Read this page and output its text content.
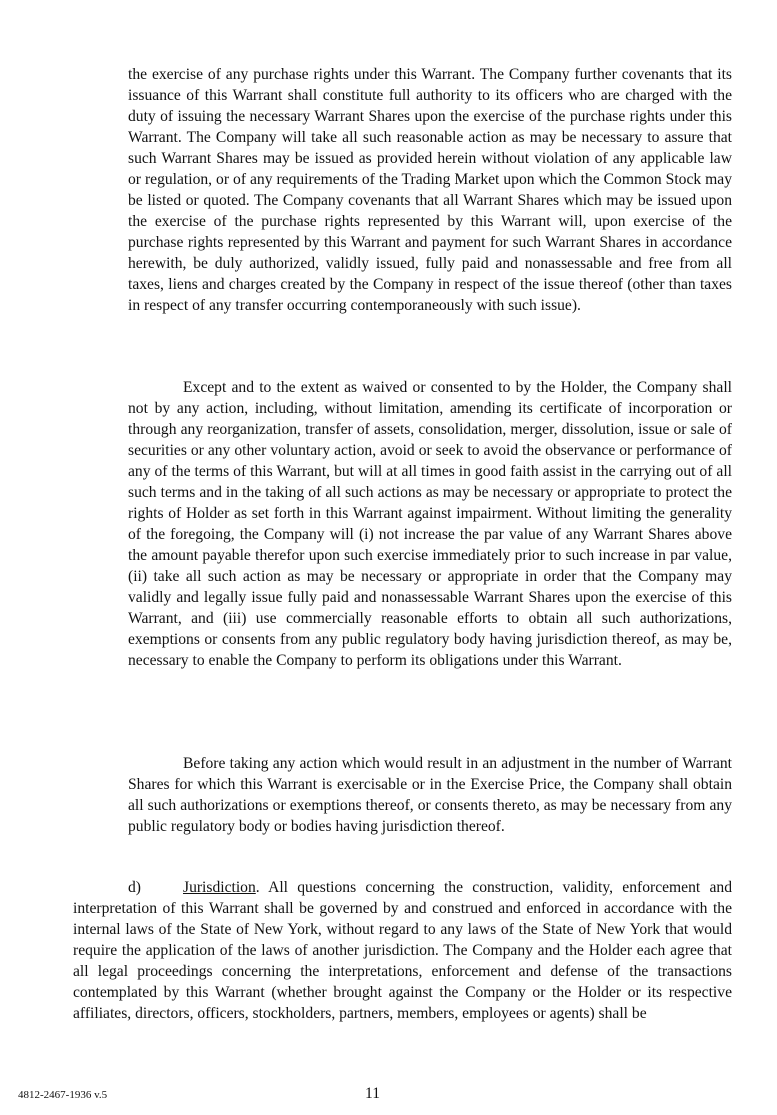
the exercise of any purchase rights under this Warrant. The Company further covenants that its issuance of this Warrant shall constitute full authority to its officers who are charged with the duty of issuing the necessary Warrant Shares upon the exercise of the purchase rights under this Warrant. The Company will take all such reasonable action as may be necessary to assure that such Warrant Shares may be issued as provided herein without violation of any applicable law or regulation, or of any requirements of the Trading Market upon which the Common Stock may be listed or quoted. The Company covenants that all Warrant Shares which may be issued upon the exercise of the purchase rights represented by this Warrant will, upon exercise of the purchase rights represented by this Warrant and payment for such Warrant Shares in accordance herewith, be duly authorized, validly issued, fully paid and nonassessable and free from all taxes, liens and charges created by the Company in respect of the issue thereof (other than taxes in respect of any transfer occurring contemporaneously with such issue).

Except and to the extent as waived or consented to by the Holder, the Company shall not by any action, including, without limitation, amending its certificate of incorporation or through any reorganization, transfer of assets, consolidation, merger, dissolution, issue or sale of securities or any other voluntary action, avoid or seek to avoid the observance or performance of any of the terms of this Warrant, but will at all times in good faith assist in the carrying out of all such terms and in the taking of all such actions as may be necessary or appropriate to protect the rights of Holder as set forth in this Warrant against impairment. Without limiting the generality of the foregoing, the Company will (i) not increase the par value of any Warrant Shares above the amount payable therefor upon such exercise immediately prior to such increase in par value, (ii) take all such action as may be necessary or appropriate in order that the Company may validly and legally issue fully paid and nonassessable Warrant Shares upon the exercise of this Warrant, and (iii) use commercially reasonable efforts to obtain all such authorizations, exemptions or consents from any public regulatory body having jurisdiction thereof, as may be, necessary to enable the Company to perform its obligations under this Warrant.

Before taking any action which would result in an adjustment in the number of Warrant Shares for which this Warrant is exercisable or in the Exercise Price, the Company shall obtain all such authorizations or exemptions thereof, or consents thereto, as may be necessary from any public regulatory body or bodies having jurisdiction thereof.

d)	Jurisdiction. All questions concerning the construction, validity, enforcement and interpretation of this Warrant shall be governed by and construed and enforced in accordance with the internal laws of the State of New York, without regard to any laws of the State of New York that would require the application of the laws of another jurisdiction. The Company and the Holder each agree that all legal proceedings concerning the interpretations, enforcement and defense of the transactions contemplated by this Warrant (whether brought against the Company or the Holder or its respective affiliates, directors, officers, stockholders, partners, members, employees or agents) shall be

4812-2467-1936 v.5	11
